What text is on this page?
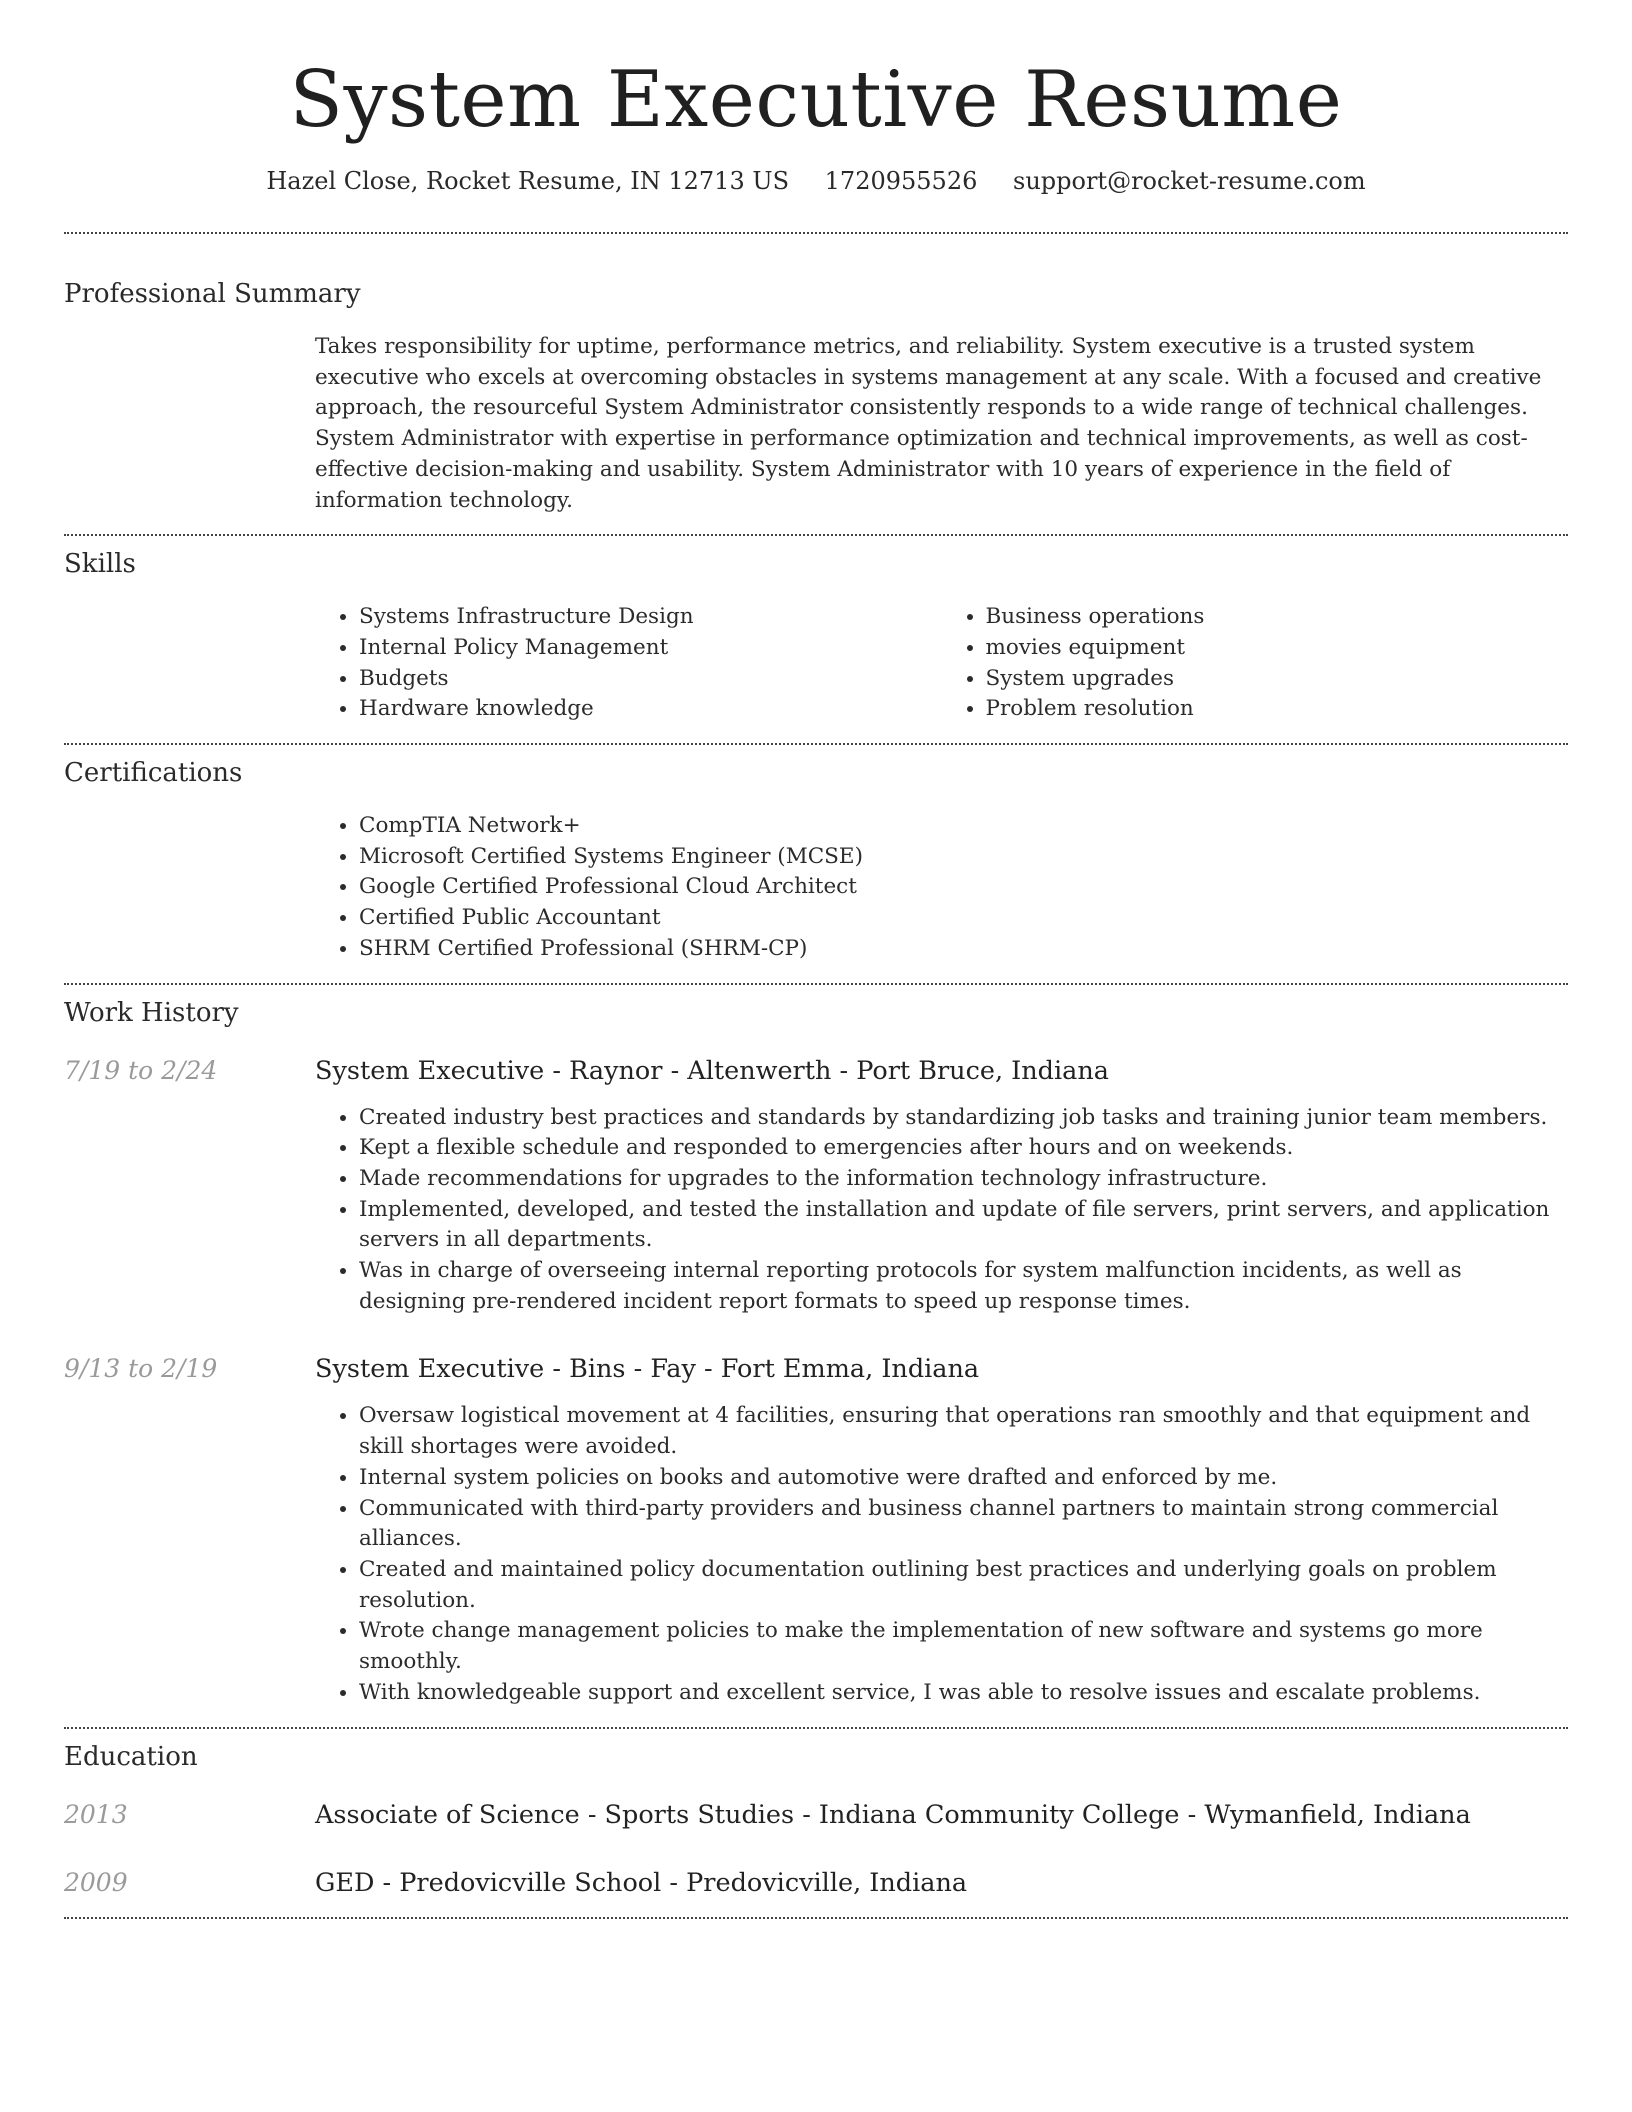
System Executive Resume
Hazel Close, Rocket Resume, IN 12713 US 1720955526 support@rocket-resume.com
Professional Summary
Takes responsibility for uptime, performance metrics, and reliability. System executive is a trusted system executive who excels at overcoming obstacles in systems management at any scale. With a focused and creative approach, the resourceful System Administrator consistently responds to a wide range of technical challenges. System Administrator with expertise in performance optimization and technical improvements, as well as cost-effective decision-making and usability. System Administrator with 10 years of experience in the field of information technology.
Skills
• Systems Infrastructure Design
• Internal Policy Management
• Budgets
• Hardware knowledge
• Business operations
• movies equipment
• System upgrades
• Problem resolution
Certifications
• CompTIA Network+
• Microsoft Certified Systems Engineer (MCSE)
• Google Certified Professional Cloud Architect
• Certified Public Accountant
• SHRM Certified Professional (SHRM-CP)
Work History
7/19 to 2/24	System Executive - Raynor - Altenwerth - Port Bruce, Indiana
• Created industry best practices and standards by standardizing job tasks and training junior team members.
• Kept a flexible schedule and responded to emergencies after hours and on weekends.
• Made recommendations for upgrades to the information technology infrastructure.
• Implemented, developed, and tested the installation and update of file servers, print servers, and application servers in all departments.
• Was in charge of overseeing internal reporting protocols for system malfunction incidents, as well as designing pre-rendered incident report formats to speed up response times.
9/13 to 2/19	System Executive - Bins - Fay - Fort Emma, Indiana
• Oversaw logistical movement at 4 facilities, ensuring that operations ran smoothly and that equipment and skill shortages were avoided.
• Internal system policies on books and automotive were drafted and enforced by me.
• Communicated with third-party providers and business channel partners to maintain strong commercial alliances.
• Created and maintained policy documentation outlining best practices and underlying goals on problem resolution.
• Wrote change management policies to make the implementation of new software and systems go more smoothly.
• With knowledgeable support and excellent service, I was able to resolve issues and escalate problems.
Education
2013	Associate of Science - Sports Studies - Indiana Community College - Wymanfield, Indiana
2009	GED - Predovicville School - Predovicville, Indiana
